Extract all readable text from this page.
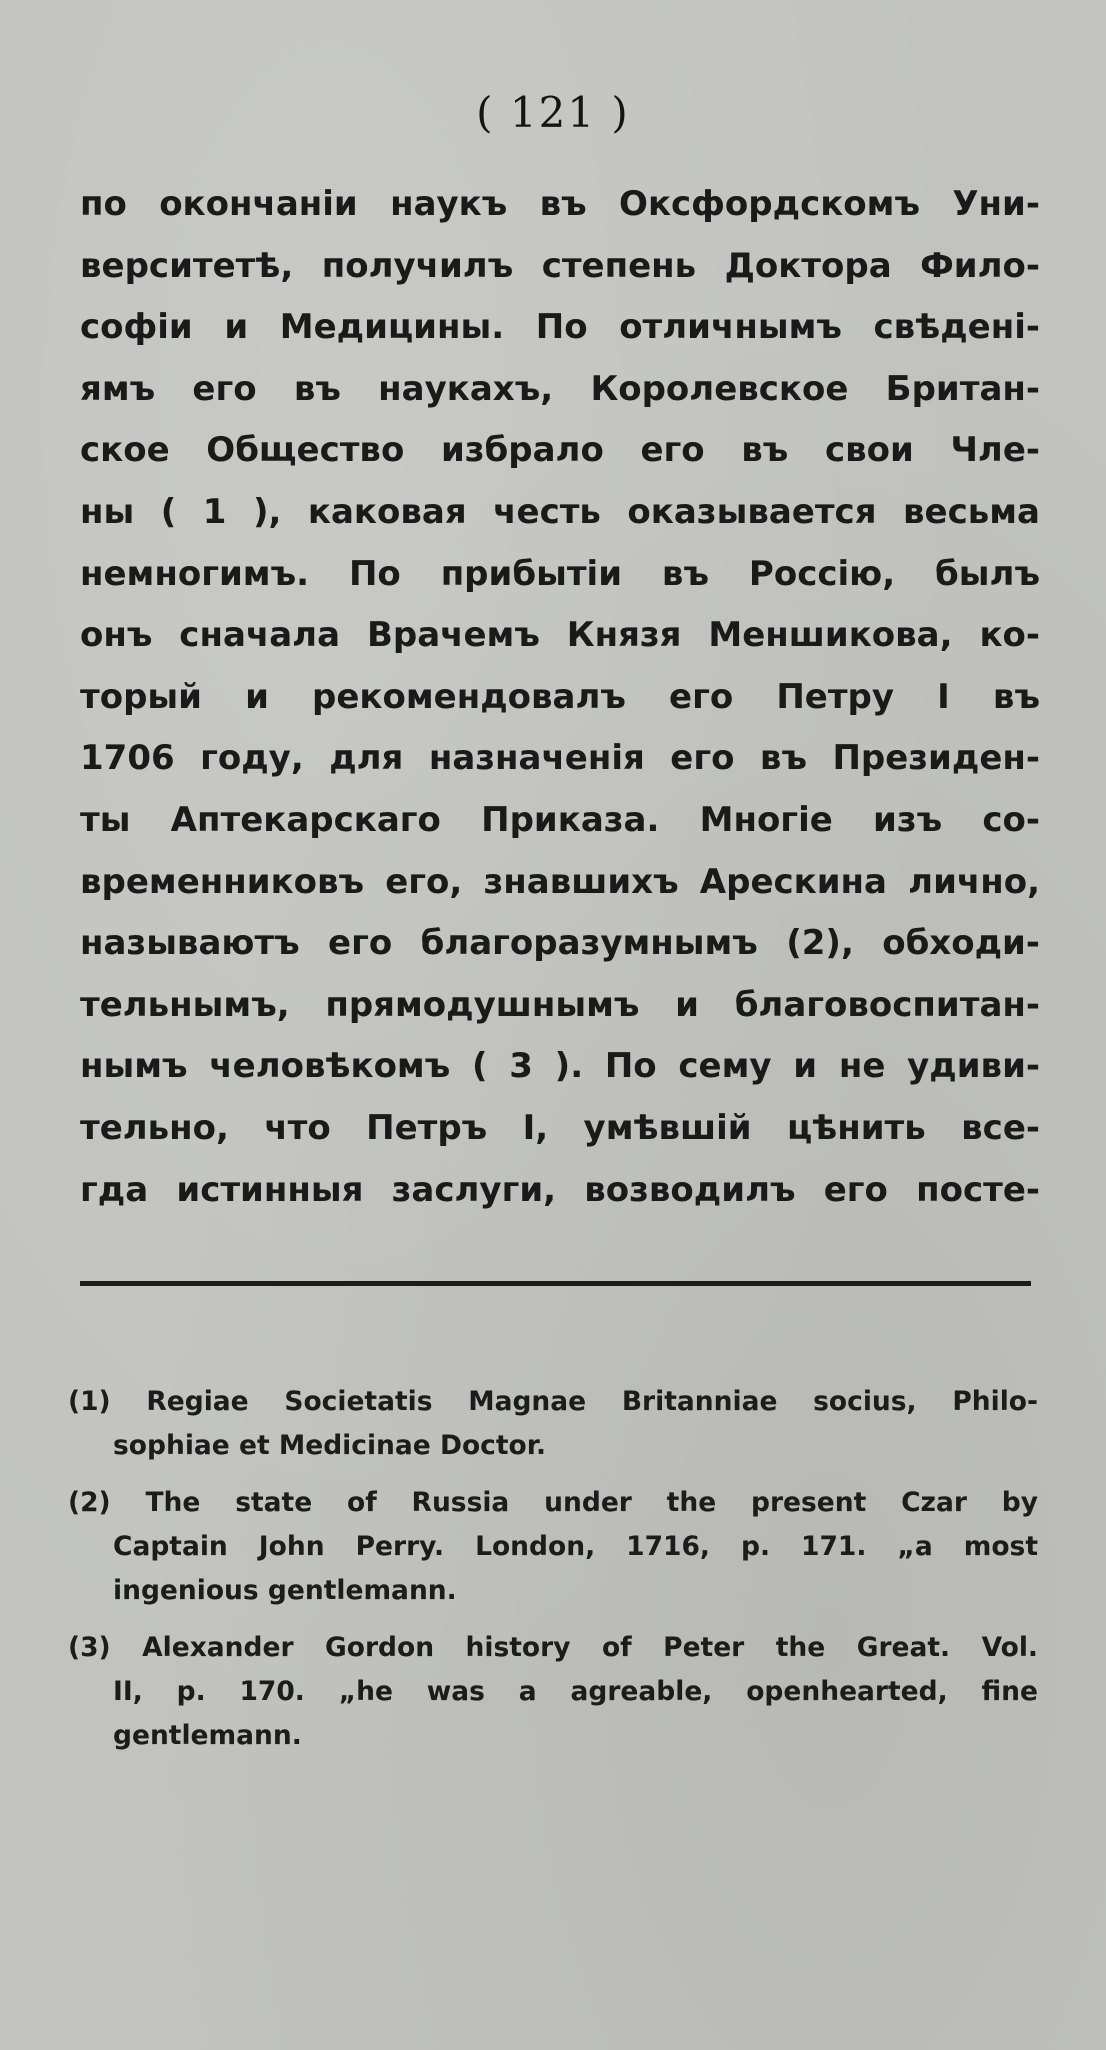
( 121 )
по окончаніи наукъ въ Оксфордскомъ Уни-
верситетѣ, получилъ степень Доктора Фило-
софіи и Медицины. По отличнымъ свѣдені-
ямъ его въ наукахъ, Королевское Британ-
ское Общество избрало его въ свои Чле-
ны ( 1 ), каковая честь оказывается весьма
немногимъ. По прибытіи въ Россію, былъ
онъ сначала Врачемъ Князя Меншикова, ко-
торый и рекомендовалъ его Петру I въ
1706 году, для назначенія его въ Президен-
ты Аптекарскаго Приказа. Многіе изъ со-
временниковъ его, знавшихъ Арескина лично,
называютъ его благоразумнымъ (2), обходи-
тельнымъ, прямодушнымъ и благовоспитан-
нымъ человѣкомъ ( 3 ). По сему и не удиви-
тельно, что Петръ I, умѣвшій цѣнить все-
гда истинныя заслуги, возводилъ его посте-
(1) Regiae Societatis Magnae Britanniae socius, Philo-
sophiae et Medicinae Doctor.
(2) The state of Russia under the present Czar by
Captain John Perry. London, 1716, p. 171. „a most
ingenious gentlemann.
(3) Alexander Gordon history of Peter the Great. Vol.
II, p. 170. „he was a agreable, openhearted, fine
gentlemann.
